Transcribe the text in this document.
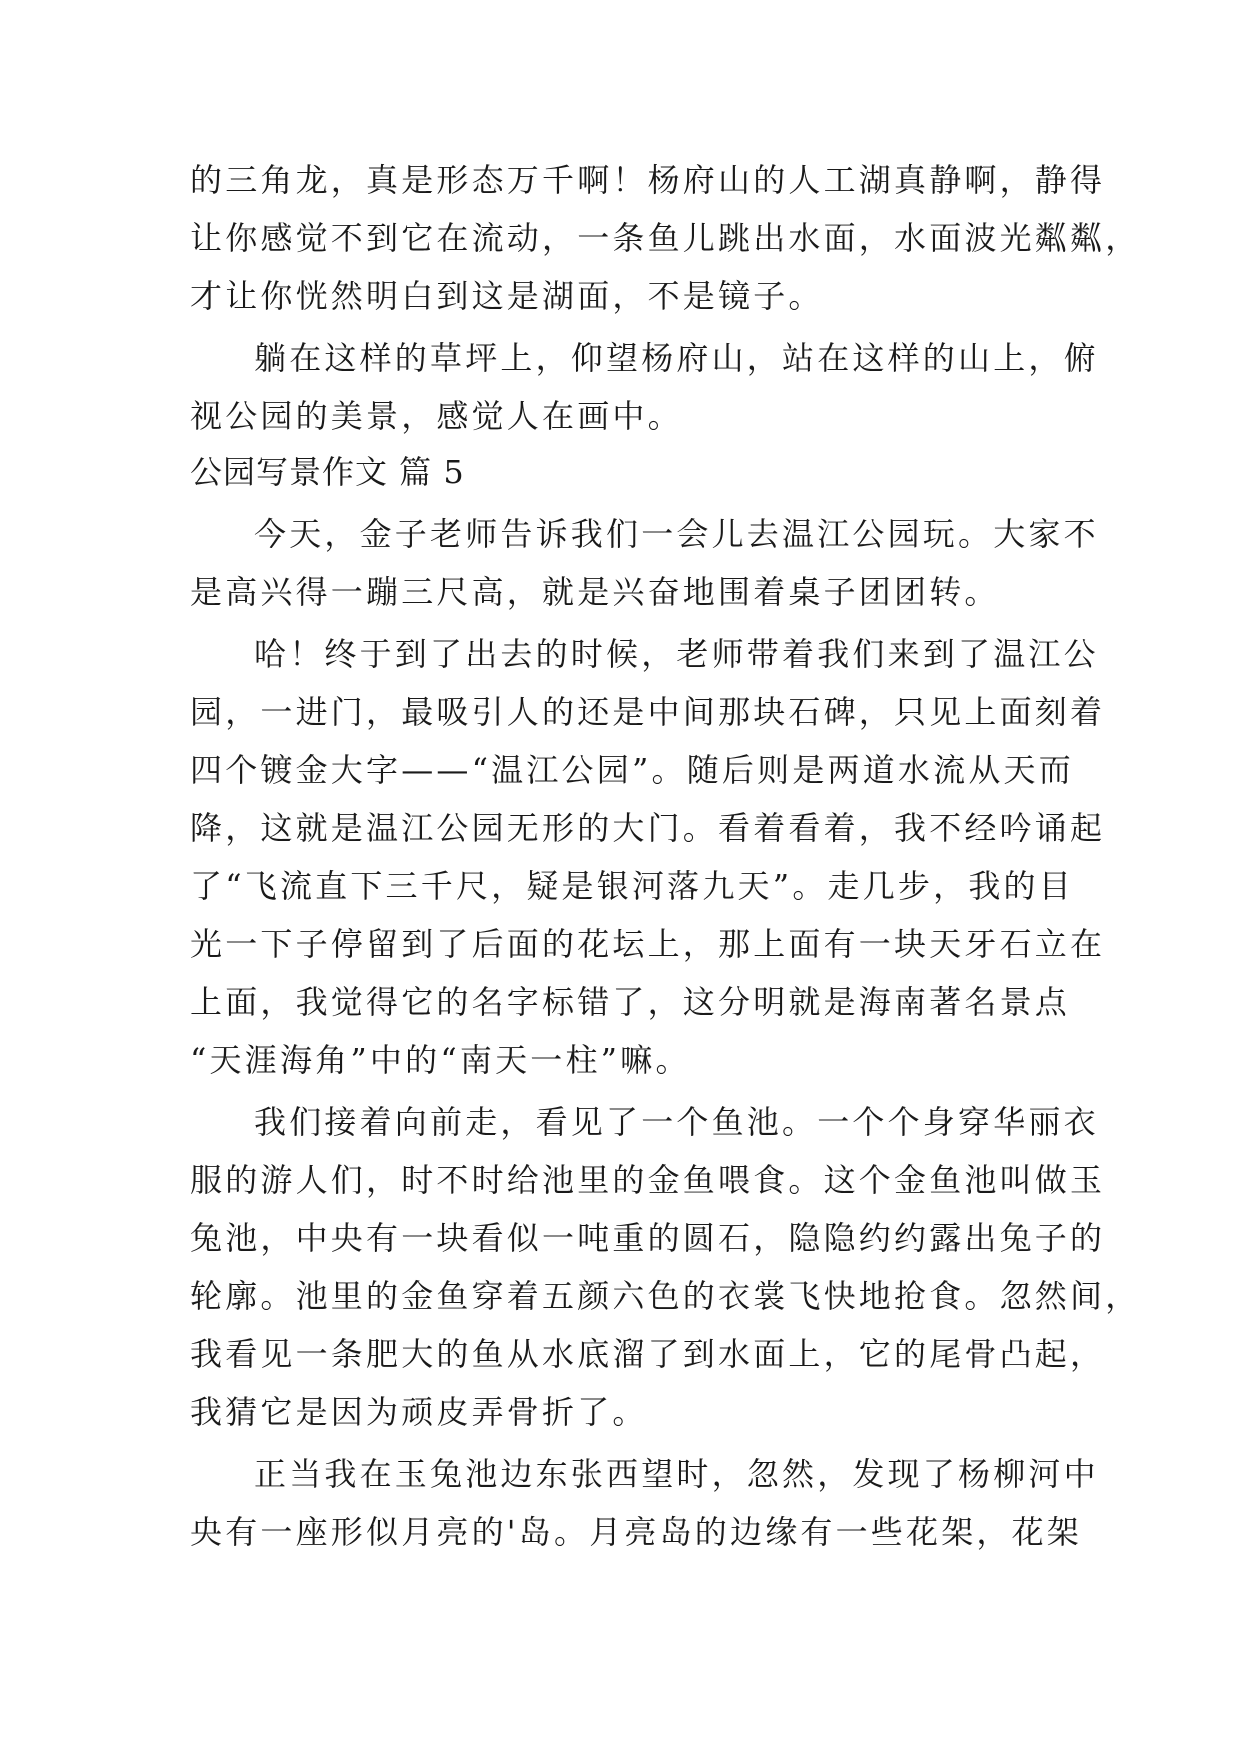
的三角龙，真是形态万千啊！杨府山的人工湖真静啊，静得
让你感觉不到它在流动，一条鱼儿跳出水面，水面波光粼粼，
才让你恍然明白到这是湖面，不是镜子。
躺在这样的草坪上，仰望杨府山，站在这样的山上，俯
视公园的美景，感觉人在画中。
公园写景作文 篇 5
今天，金子老师告诉我们一会儿去温江公园玩。大家不
是高兴得一蹦三尺高，就是兴奋地围着桌子团团转。
哈！终于到了出去的时候，老师带着我们来到了温江公
园，一进门，最吸引人的还是中间那块石碑，只见上面刻着
四个镀金大字——“温江公园”。随后则是两道水流从天而
降，这就是温江公园无形的大门。看着看着，我不经吟诵起
了“飞流直下三千尺，疑是银河落九天”。走几步，我的目
光一下子停留到了后面的花坛上，那上面有一块天牙石立在
上面，我觉得它的名字标错了，这分明就是海南著名景点
“天涯海角”中的“南天一柱”嘛。
我们接着向前走，看见了一个鱼池。一个个身穿华丽衣
服的游人们，时不时给池里的金鱼喂食。这个金鱼池叫做玉
兔池，中央有一块看似一吨重的圆石，隐隐约约露出兔子的
轮廓。池里的金鱼穿着五颜六色的衣裳飞快地抢食。忽然间，
我看见一条肥大的鱼从水底溜了到水面上，它的尾骨凸起，
我猜它是因为顽皮弄骨折了。
正当我在玉兔池边东张西望时，忽然，发现了杨柳河中
央有一座形似月亮的'岛。月亮岛的边缘有一些花架，花架
